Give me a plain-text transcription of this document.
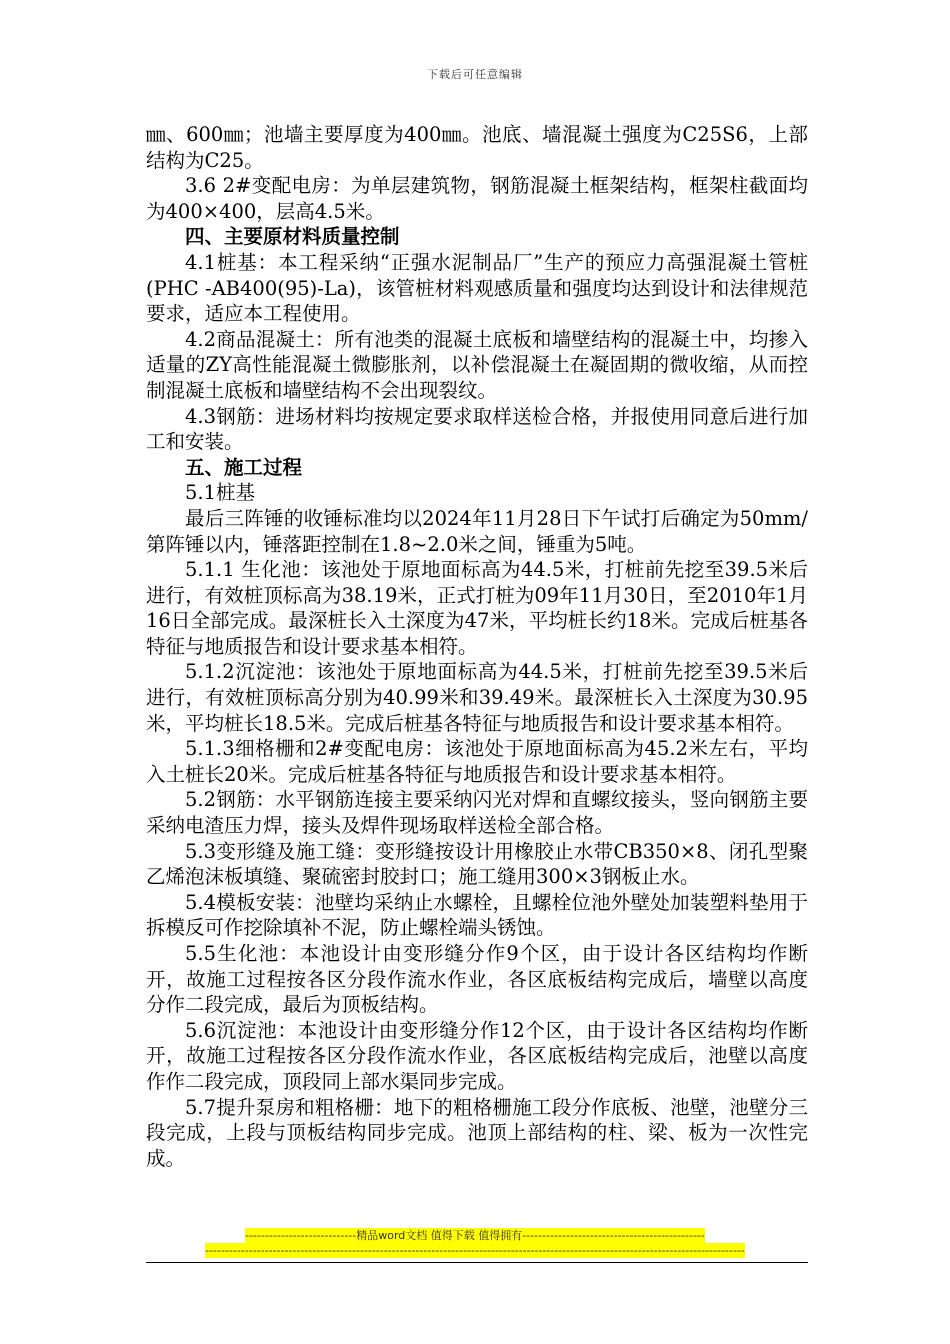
下载后可任意编辑

㎜、600㎜；池墙主要厚度为400㎜。池底、墙混凝土强度为C25S6，上部结构为C25。

3.6 2#变配电房：为单层建筑物，钢筋混凝土框架结构，框架柱截面均为400×400，层高4.5米。

四、主要原材料质量控制

4.1桩基：本工程采纳“正强水泥制品厂”生产的预应力高强混凝土管桩(PHC -AB400(95)-La)，该管桩材料观感质量和强度均达到设计和法律规范要求，适应本工程使用。

4.2商品混凝土：所有池类的混凝土底板和墙壁结构的混凝土中，均掺入适量的ZY高性能混凝土微膨胀剂，以补偿混凝土在凝固期的微收缩，从而控制混凝土底板和墙壁结构不会出现裂纹。

4.3钢筋：进场材料均按规定要求取样送检合格，并报使用同意后进行加工和安装。

五、施工过程

5.1桩基

最后三阵锤的收锤标准均以2024年11月28日下午试打后确定为50mm/第阵锤以内，锤落距控制在1.8~2.0米之间，锤重为5吨。

5.1.1 生化池：该池处于原地面标高为44.5米，打桩前先挖至39.5米后进行，有效桩顶标高为38.19米，正式打桩为09年11月30日，至2010年1月16日全部完成。最深桩长入土深度为47米，平均桩长约18米。完成后桩基各特征与地质报告和设计要求基本相符。

5.1.2沉淀池：该池处于原地面标高为44.5米，打桩前先挖至39.5米后进行，有效桩顶标高分别为40.99米和39.49米。最深桩长入土深度为30.95米，平均桩长18.5米。完成后桩基各特征与地质报告和设计要求基本相符。

5.1.3细格栅和2#变配电房：该池处于原地面标高为45.2米左右，平均入土桩长20米。完成后桩基各特征与地质报告和设计要求基本相符。

5.2钢筋：水平钢筋连接主要采纳闪光对焊和直螺纹接头，竖向钢筋主要采纳电渣压力焊，接头及焊件现场取样送检全部合格。

5.3变形缝及施工缝：变形缝按设计用橡胶止水带CB350×8、闭孔型聚乙烯泡沫板填缝、聚硫密封胶封口；施工缝用300×3钢板止水。

5.4模板安装：池壁均采纳止水螺栓，且螺栓位池外壁处加装塑料垫用于拆模反可作挖除填补不泥，防止螺栓端头锈蚀。

5.5生化池：本池设计由变形缝分作9个区，由于设计各区结构均作断开，故施工过程按各区分段作流水作业，各区底板结构完成后，墙壁以高度分作二段完成，最后为顶板结构。

5.6沉淀池：本池设计由变形缝分作12个区，由于设计各区结构均作断开，故施工过程按各区分段作流水作业，各区底板结构完成后，池壁以高度作作二段完成，顶段同上部水渠同步完成。

5.7提升泵房和粗格栅：地下的粗格栅施工段分作底板、池壁，池壁分三段完成，上段与顶板结构同步完成。池顶上部结构的柱、梁、板为一次性完成。

----------------------------精品word文档 值得下载 值得拥有----------------------------------------------
----------------------------------------------------------------------------------------------------------------------------------------
